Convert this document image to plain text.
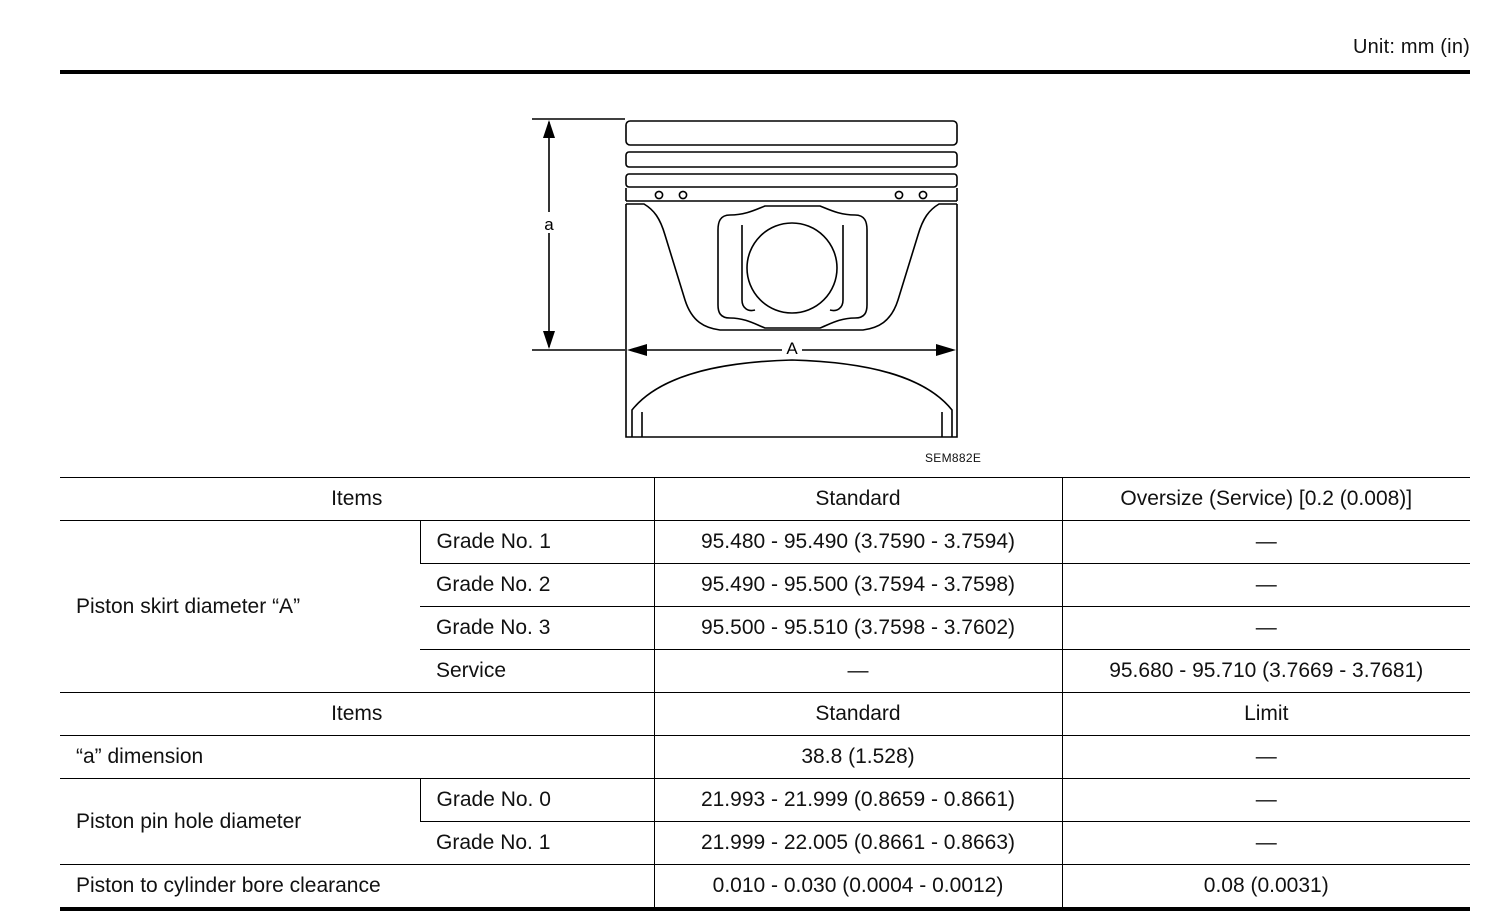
Unit: mm (in)
a
A
SEM882E
Items		Standard	Oversize (Service) [0.2 (0.008)]
Piston skirt diameter “A”	Grade No. 1	95.480 - 95.490 (3.7590 - 3.7594)	—
	Grade No. 2	95.490 - 95.500 (3.7594 - 3.7598)	—
	Grade No. 3	95.500 - 95.510 (3.7598 - 3.7602)	—
	Service	—	95.680 - 95.710 (3.7669 - 3.7681)
Items		Standard	Limit
“a” dimension		38.8 (1.528)	—
Piston pin hole diameter	Grade No. 0	21.993 - 21.999 (0.8659 - 0.8661)	—
	Grade No. 1	21.999 - 22.005 (0.8661 - 0.8663)	—
Piston to cylinder bore clearance		0.010 - 0.030 (0.0004 - 0.0012)	0.08 (0.0031)
